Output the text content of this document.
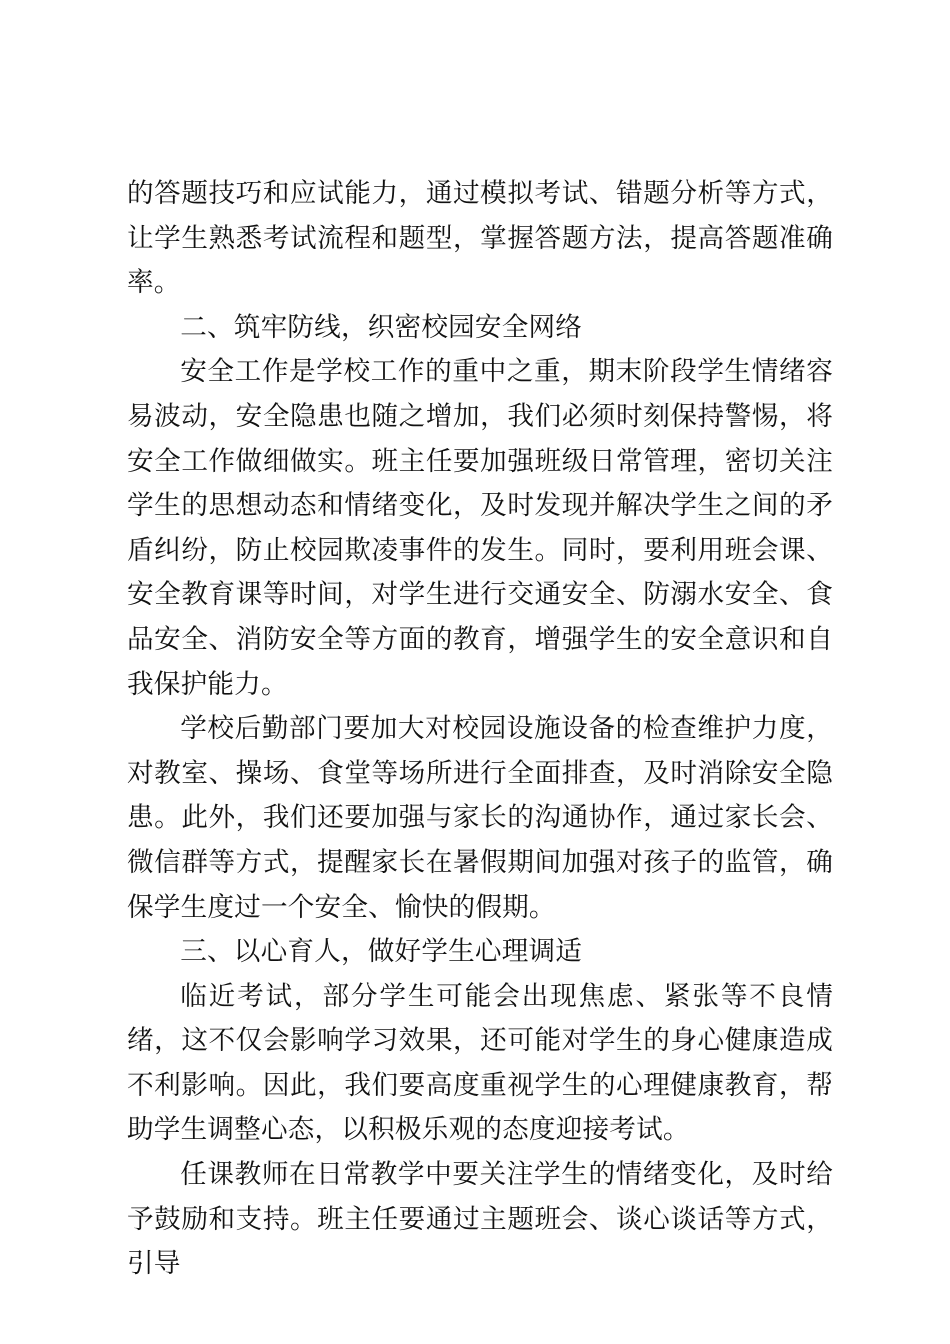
的答题技巧和应试能力，通过模拟考试、错题分析等方式，让学生熟悉考试流程和题型，掌握答题方法，提高答题准确率。

二、筑牢防线，织密校园安全网络

安全工作是学校工作的重中之重，期末阶段学生情绪容易波动，安全隐患也随之增加，我们必须时刻保持警惕，将安全工作做细做实。班主任要加强班级日常管理，密切关注学生的思想动态和情绪变化，及时发现并解决学生之间的矛盾纠纷，防止校园欺凌事件的发生。同时，要利用班会课、安全教育课等时间，对学生进行交通安全、防溺水安全、食品安全、消防安全等方面的教育，增强学生的安全意识和自我保护能力。

学校后勤部门要加大对校园设施设备的检查维护力度，对教室、操场、食堂等场所进行全面排查，及时消除安全隐患。此外，我们还要加强与家长的沟通协作，通过家长会、微信群等方式，提醒家长在暑假期间加强对孩子的监管，确保学生度过一个安全、愉快的假期。

三、以心育人，做好学生心理调适

临近考试，部分学生可能会出现焦虑、紧张等不良情绪，这不仅会影响学习效果，还可能对学生的身心健康造成不利影响。因此，我们要高度重视学生的心理健康教育，帮助学生调整心态，以积极乐观的态度迎接考试。

任课教师在日常教学中要关注学生的情绪变化，及时给予鼓励和支持。班主任要通过主题班会、谈心谈话等方式，引导
